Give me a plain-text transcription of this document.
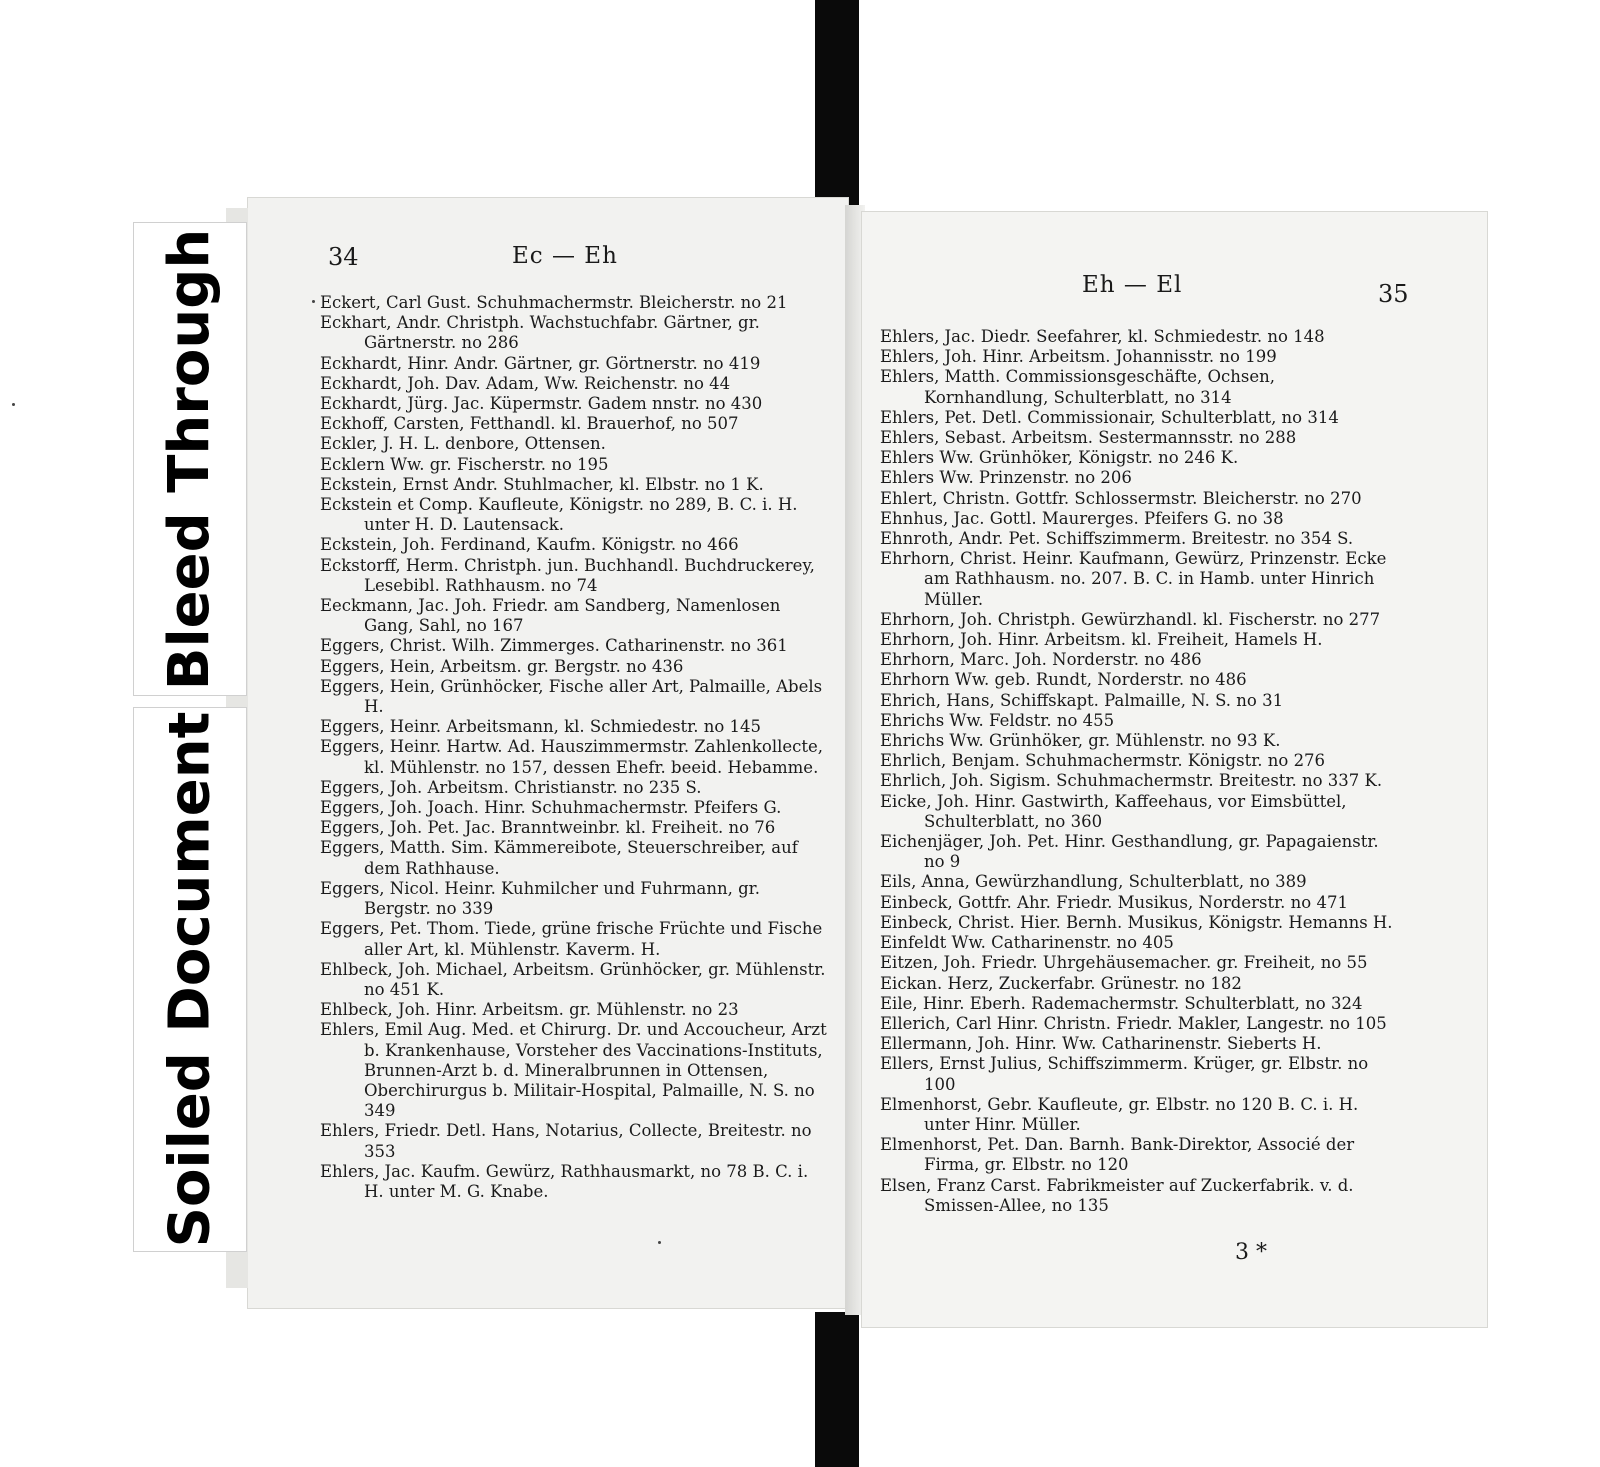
34	Ec — Eh
Eh — El	35

Eckert, Carl Gust. Schuhmachermstr. Bleicherstr. no 21

Eckhart, Andr. Christph. Wachstuchfabr. Gärtner, gr. Gärtnerstr. no 286

Eckhardt, Hinr. Andr. Gärtner, gr. Görtnerstr. no 419

Eckhardt, Joh. Dav. Adam, Ww. Reichenstr. no 44

Eckhardt, Jürg. Jac. Küpermstr. Gadem nnstr. no 430

Eckhoff, Carsten, Fetthandl. kl. Brauerhof, no 507

Eckler, J. H. L. denbore, Ottensen.

Ecklern Ww. gr. Fischerstr. no 195

Eckstein, Ernst Andr. Stuhlmacher, kl. Elbstr. no 1 K.

Eckstein et Comp. Kaufleute, Königstr. no 289, B. C. i. H. unter H. D. Lautensack.

Eckstein, Joh. Ferdinand, Kaufm. Königstr. no 466

Eckstorff, Herm. Christph. jun. Buchhandl. Buchdruckerey, Lesebibl. Rathhausm. no 74

Eeckmann, Jac. Joh. Friedr. am Sandberg, Namenlosen Gang, Sahl, no 167

Eggers, Christ. Wilh. Zimmerges. Catharinenstr. no 361

Eggers, Hein, Arbeitsm. gr. Bergstr. no 436

Eggers, Hein, Grünhöcker, Fische aller Art, Palmaille, Abels H.

Eggers, Heinr. Arbeitsmann, kl. Schmiedestr. no 145

Eggers, Heinr. Hartw. Ad. Hauszimmermstr. Zahlenkollecte, kl. Mühlenstr. no 157, dessen Ehefr. beeid. Hebamme.

Eggers, Joh. Arbeitsm. Christianstr. no 235 S.

Eggers, Joh. Joach. Hinr. Schuhmachermstr. Pfeifers G.

Eggers, Joh. Pet. Jac. Branntweinbr. kl. Freiheit. no 76

Eggers, Matth. Sim. Kämmereibote, Steuerschreiber, auf dem Rathhause.

Eggers, Nicol. Heinr. Kuhmilcher und Fuhrmann, gr. Bergstr. no 339

Eggers, Pet. Thom. Tiede, grüne frische Früchte und Fische aller Art, kl. Mühlenstr. Kaverm. H.

Ehlbeck, Joh. Michael, Arbeitsm. Grünhöcker, gr. Mühlenstr. no 451 K.

Ehlbeck, Joh. Hinr. Arbeitsm. gr. Mühlenstr. no 23

Ehlers, Emil Aug. Med. et Chirurg. Dr. und Accoucheur, Arzt b. Krankenhause, Vorsteher des Vaccinations-Instituts, Brunnen-Arzt b. d. Mineralbrunnen in Ottensen, Oberchirurgus b. Militair-Hospital, Palmaille, N. S. no 349

Ehlers, Friedr. Detl. Hans, Notarius, Collecte, Breitestr. no 353

Ehlers, Jac. Kaufm. Gewürz, Rathhausmarkt, no 78 B. C. i. H. unter M. G. Knabe.

Ehlers, Jac. Diedr. Seefahrer, kl. Schmiedestr. no 148

Ehlers, Joh. Hinr. Arbeitsm. Johannisstr. no 199

Ehlers, Matth. Commissionsgeschäfte, Ochsen, Kornhandlung, Schulterblatt, no 314

Ehlers, Pet. Detl. Commissionair, Schulterblatt, no 314

Ehlers, Sebast. Arbeitsm. Sestermannsstr. no 288

Ehlers Ww. Grünhöker, Königstr. no 246 K.

Ehlers Ww. Prinzenstr. no 206

Ehlert, Christn. Gottfr. Schlossermstr. Bleicherstr. no 270

Ehnhus, Jac. Gottl. Maurerges. Pfeifers G. no 38

Ehnroth, Andr. Pet. Schiffszimmerm. Breitestr. no 354 S.

Ehrhorn, Christ. Heinr. Kaufmann, Gewürz, Prinzenstr. Ecke am Rathhausm. no. 207. B. C. in Hamb. unter Hinrich Müller.

Ehrhorn, Joh. Christph. Gewürzhandl. kl. Fischerstr. no 277

Ehrhorn, Joh. Hinr. Arbeitsm. kl. Freiheit, Hamels H.

Ehrhorn, Marc. Joh. Norderstr. no 486

Ehrhorn Ww. geb. Rundt, Norderstr. no 486

Ehrich, Hans, Schiffskapt. Palmaille, N. S. no 31

Ehrichs Ww. Feldstr. no 455

Ehrichs Ww. Grünhöker, gr. Mühlenstr. no 93 K.

Ehrlich, Benjam. Schuhmachermstr. Königstr. no 276

Ehrlich, Joh. Sigism. Schuhmachermstr. Breitestr. no 337 K.

Eicke, Joh. Hinr. Gastwirth, Kaffeehaus, vor Eimsbüttel, Schulterblatt, no 360

Eichenjäger, Joh. Pet. Hinr. Gesthandlung, gr. Papagaienstr. no 9

Eils, Anna, Gewürzhandlung, Schulterblatt, no 389

Einbeck, Gottfr. Ahr. Friedr. Musikus, Norderstr. no 471

Einbeck, Christ. Hier. Bernh. Musikus, Königstr. Hemanns H.

Einfeldt Ww. Catharinenstr. no 405

Eitzen, Joh. Friedr. Uhrgehäusemacher. gr. Freiheit, no 55

Eickan. Herz, Zuckerfabr. Grünestr. no 182

Eile, Hinr. Eberh. Rademachermstr. Schulterblatt, no 324

Ellerich, Carl Hinr. Christn. Friedr. Makler, Langestr. no 105

Ellermann, Joh. Hinr. Ww. Catharinenstr. Sieberts H.

Ellers, Ernst Julius, Schiffszimmerm. Krüger, gr. Elbstr. no 100

Elmenhorst, Gebr. Kaufleute, gr. Elbstr. no 120 B. C. i. H. unter Hinr. Müller.

Elmenhorst, Pet. Dan. Barnh. Bank-Direktor, Associé der Firma, gr. Elbstr. no 120

Elsen, Franz Carst. Fabrikmeister auf Zuckerfabrik. v. d. Smissen-Allee, no 135

3 *
Bleed Through
Soiled Document
